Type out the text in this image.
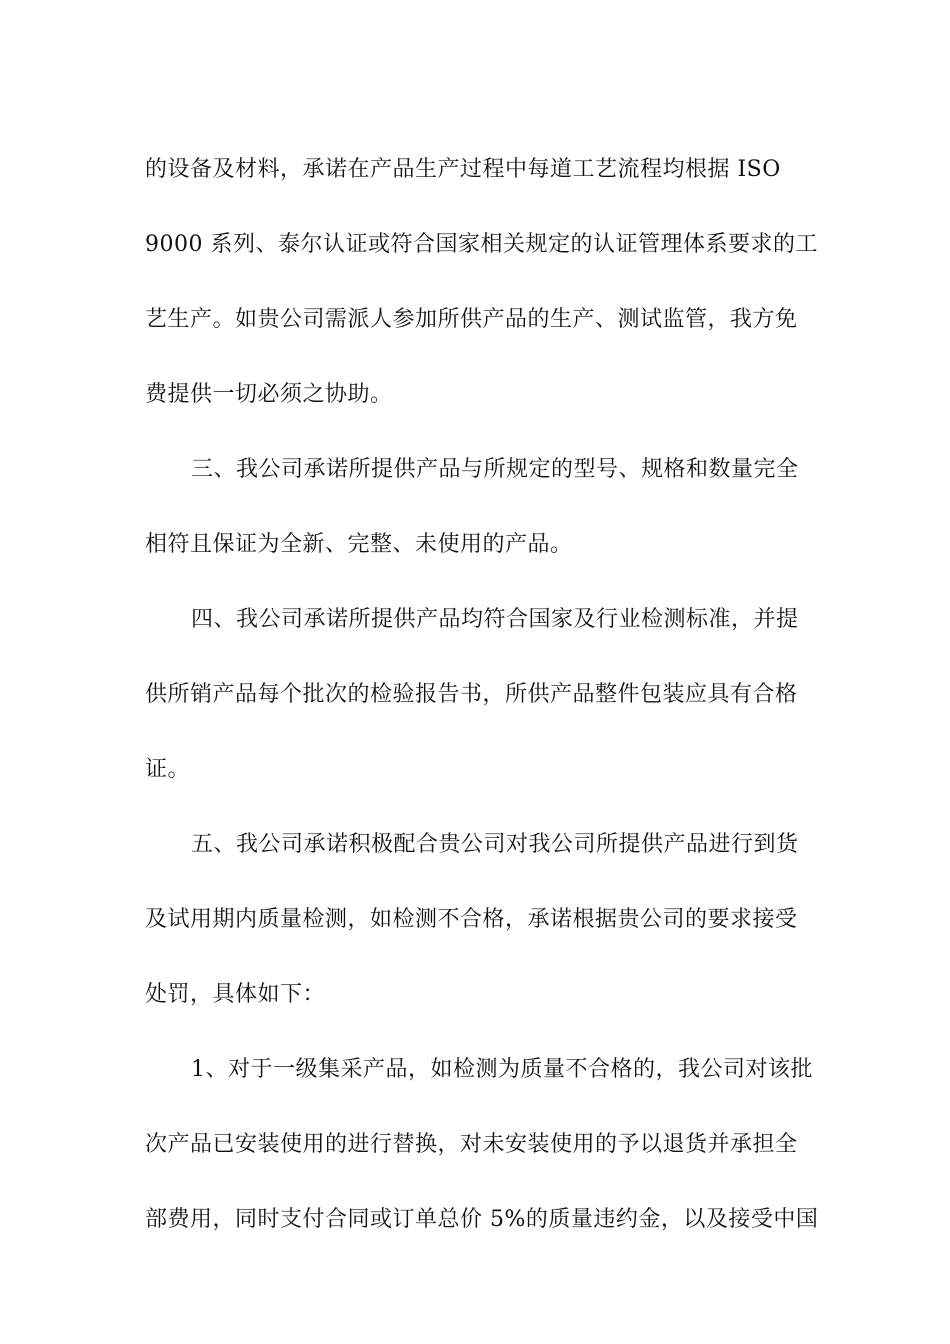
的设备及材料，承诺在产品生产过程中每道工艺流程均根据 ISO
9000 系列、泰尔认证或符合国家相关规定的认证管理体系要求的工
艺生产。如贵公司需派人参加所供产品的生产、测试监管，我方免
费提供一切必须之协助。
三、我公司承诺所提供产品与所规定的型号、规格和数量完全
相符且保证为全新、完整、未使用的产品。
四、我公司承诺所提供产品均符合国家及行业检测标准，并提
供所销产品每个批次的检验报告书，所供产品整件包装应具有合格
证。
五、我公司承诺积极配合贵公司对我公司所提供产品进行到货
及试用期内质量检测，如检测不合格，承诺根据贵公司的要求接受
处罚，具体如下：
1、对于一级集采产品，如检测为质量不合格的，我公司对该批
次产品已安装使用的进行替换，对未安装使用的予以退货并承担全
部费用，同时支付合同或订单总价 5%的质量违约金，以及接受中国
